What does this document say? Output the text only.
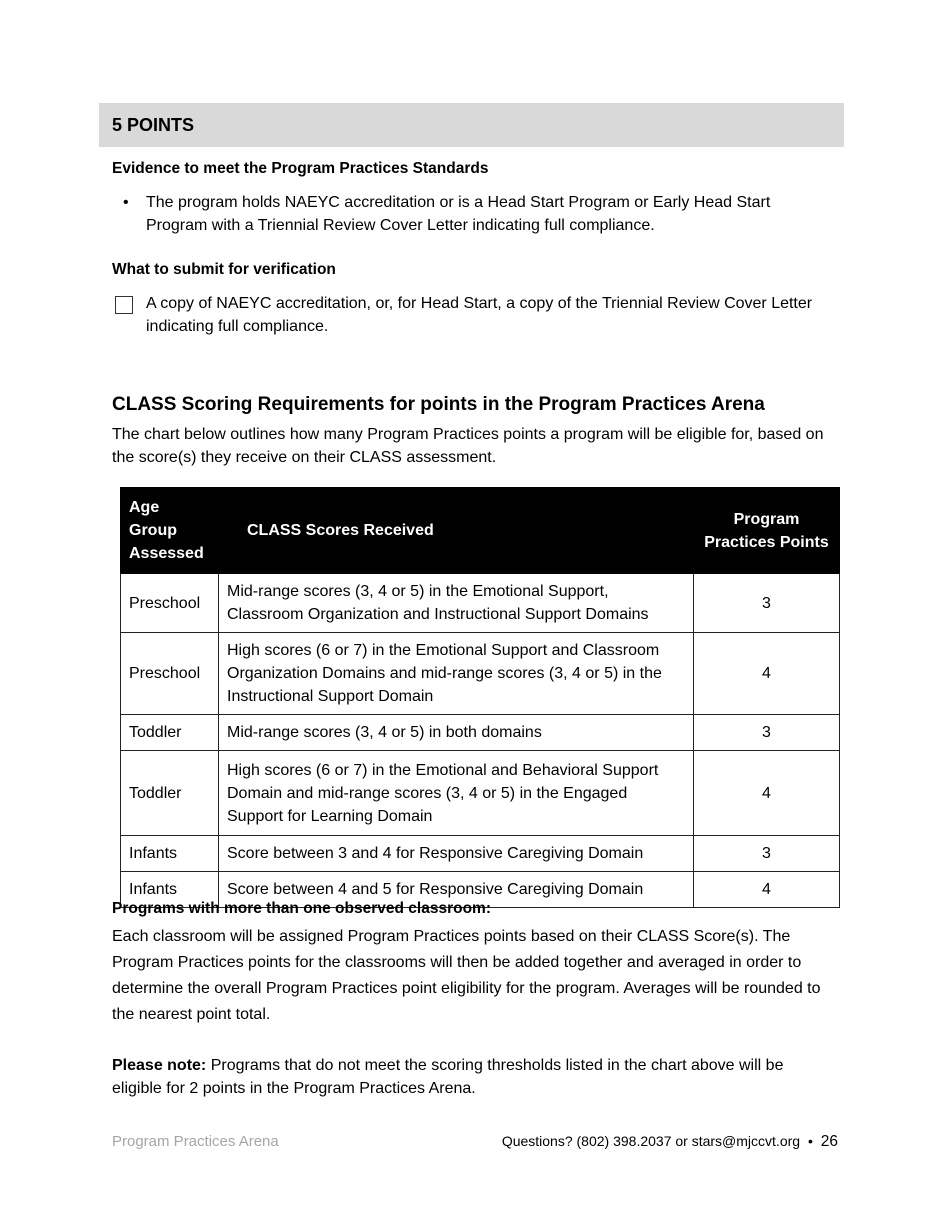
5 POINTS
Evidence to meet the Program Practices Standards
• The program holds NAEYC accreditation or is a Head Start Program or Early Head Start Program with a Triennial Review Cover Letter indicating full compliance.
What to submit for verification
A copy of NAEYC accreditation, or, for Head Start, a copy of the Triennial Review Cover Letter indicating full compliance.
CLASS Scoring Requirements for points in the Program Practices Arena
The chart below outlines how many Program Practices points a program will be eligible for, based on the score(s) they receive on their CLASS assessment.
Age Group Assessed	CLASS Scores Received	Program Practices Points
Preschool	Mid-range scores (3, 4 or 5) in the Emotional Support, Classroom Organization and Instructional Support Domains	3
Preschool	High scores (6 or 7) in the Emotional Support and Classroom Organization Domains and mid-range scores (3, 4 or 5) in the Instructional Support Domain	4
Toddler	Mid-range scores (3, 4 or 5) in both domains	3
Toddler	High scores (6 or 7) in the Emotional and Behavioral Support Domain and mid-range scores (3, 4 or 5) in the Engaged Support for Learning Domain	4
Infants	Score between 3 and 4 for Responsive Caregiving Domain	3
Infants	Score between 4 and 5 for Responsive Caregiving Domain	4
Programs with more than one observed classroom:
Each classroom will be assigned Program Practices points based on their CLASS Score(s). The Program Practices points for the classrooms will then be added together and averaged in order to determine the overall Program Practices point eligibility for the program. Averages will be rounded to the nearest point total.
Please note: Programs that do not meet the scoring thresholds listed in the chart above will be eligible for 2 points in the Program Practices Arena.
Program Practices Arena	Questions? (802) 398.2037 or stars@mjccvt.org • 26
